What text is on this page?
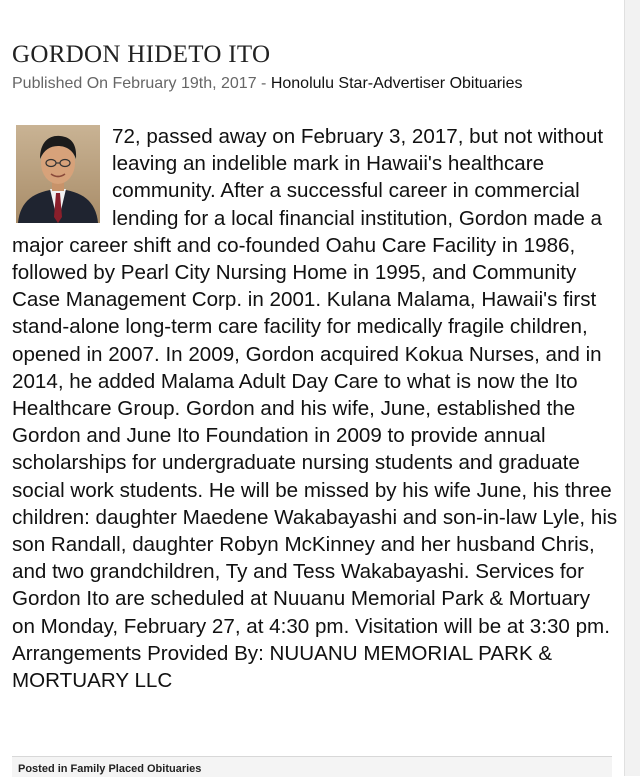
GORDON HIDETO ITO
Published On February 19th, 2017 - Honolulu Star-Advertiser Obituaries

72, passed away on February 3, 2017, but not without leaving an indelible mark in Hawaii's healthcare community. After a successful career in commercial lending for a local financial institution, Gordon made a major career shift and co-founded Oahu Care Facility in 1986, followed by Pearl City Nursing Home in 1995, and Community Case Management Corp. in 2001. Kulana Malama, Hawaii's first stand-alone long-term care facility for medically fragile children, opened in 2007. In 2009, Gordon acquired Kokua Nurses, and in 2014, he added Malama Adult Day Care to what is now the Ito Healthcare Group. Gordon and his wife, June, established the Gordon and June Ito Foundation in 2009 to provide annual scholarships for undergraduate nursing students and graduate social work students. He will be missed by his wife June, his three children: daughter Maedene Wakabayashi and son-in-law Lyle, his son Randall, daughter Robyn McKinney and her husband Chris, and two grandchildren, Ty and Tess Wakabayashi. Services for Gordon Ito are scheduled at Nuuanu Memorial Park & Mortuary on Monday, February 27, at 4:30 pm. Visitation will be at 3:30 pm. Arrangements Provided By: NUUANU MEMORIAL PARK & MORTUARY LLC

Posted in Family Placed Obituaries
